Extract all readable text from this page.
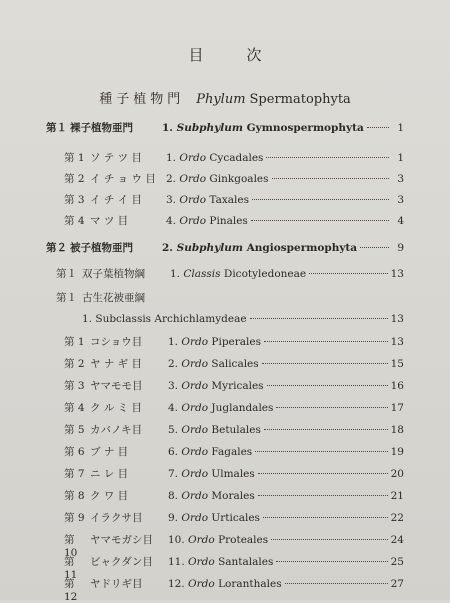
目　次
種子植物門 Phylum Spermatophyta
第１ 裸子植物亜門	1. Subphylum Gymnospermophyta	1
第 1 ソ テ ツ 目	1. Ordo Cycadales	1
第 2 イ チ ョ ウ 目 2. Ordo Ginkgoales	3
第 3 イ チ イ 目	3. Ordo Taxales	3
第 4 マ ツ 目	4. Ordo Pinales	4
第２ 被子植物亜門	2. Subphylum Angiospermophyta	9
第１ 双子葉植物綱	1. Classis Dicotyledoneae	13
第１ 古生花被亜綱
1. Subclassis Archichlamydeae	13
第 1 コショウ目	1. Ordo Piperales	13
第 2 ヤ ナ ギ 目	2. Ordo Salicales	15
第 3 ヤマモモ目	3. Ordo Myricales	16
第 4 ク ル ミ 目	4. Ordo Juglandales	17
第 5 カバノキ目	5. Ordo Betulales	18
第 6 ブ ナ 目	6. Ordo Fagales	19
第 7 ニ レ 目	7. Ordo Ulmales	20
第 8 ク ワ 目	8. Ordo Morales	21
第 9 イラクサ目	9. Ordo Urticales	22
第 10
ヤマモガシ目	10. Ordo Proteales	24
第 11
ビャクダン目	11. Ordo Santalales	25
第 12
ヤドリギ目	12. Ordo Loranthales	27
